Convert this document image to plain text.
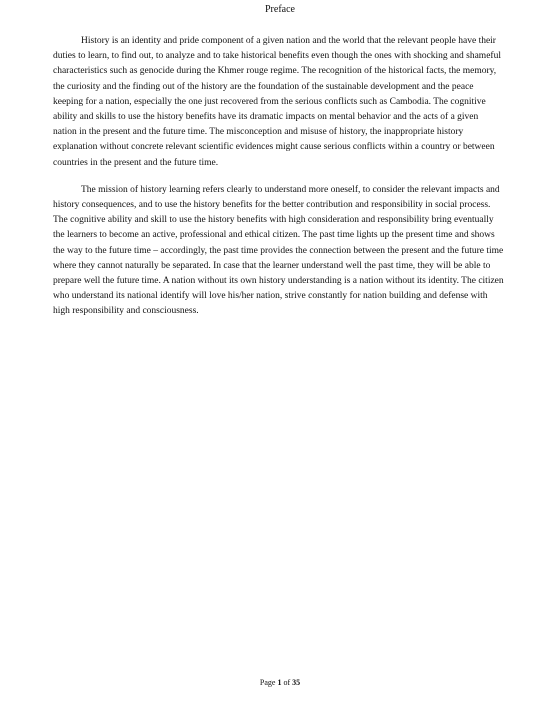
Preface

History is an identity and pride component of a given nation and the world that the relevant people have their duties to learn, to find out, to analyze and to take historical benefits even though the ones with shocking and shameful characteristics such as genocide during the Khmer rouge regime. The recognition of the historical facts, the memory, the curiosity and the finding out of the history are the foundation of the sustainable development and the peace keeping for a nation, especially the one just recovered from the serious conflicts such as Cambodia. The cognitive ability and skills to use the history benefits have its dramatic impacts on mental behavior and the acts of a given nation in the present and the future time. The misconception and misuse of history, the inappropriate history explanation without concrete relevant scientific evidences might cause serious conflicts within a country or between countries in the present and the future time.

The mission of history learning refers clearly to understand more oneself, to consider the relevant impacts and history consequences, and to use the history benefits for the better contribution and responsibility in social process. The cognitive ability and skill to use the history benefits with high consideration and responsibility bring eventually the learners to become an active, professional and ethical citizen. The past time lights up the present time and shows the way to the future time – accordingly, the past time provides the connection between the present and the future time where they cannot naturally be separated. In case that the learner understand well the past time, they will be able to prepare well the future time. A nation without its own history understanding is a nation without its identity. The citizen who understand its national identify will love his/her nation, strive constantly for nation building and defense with high responsibility and consciousness.

Page 1 of 35
